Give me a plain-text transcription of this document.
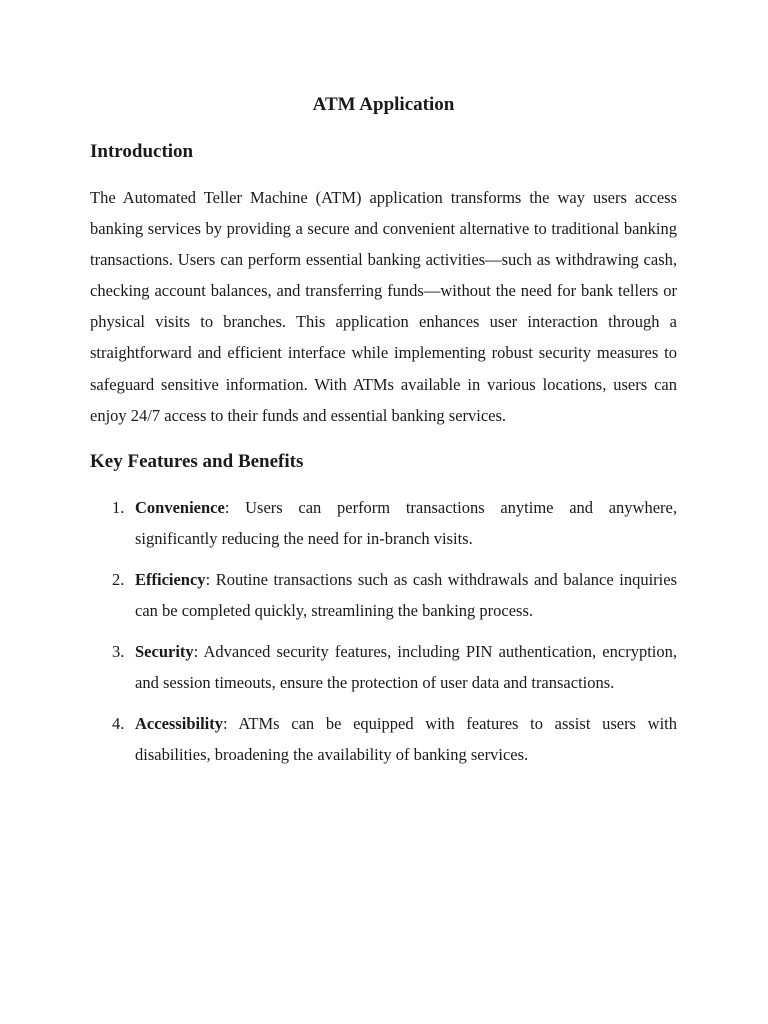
ATM Application
Introduction

The Automated Teller Machine (ATM) application transforms the way users access banking services by providing a secure and convenient alternative to traditional banking transactions. Users can perform essential banking activities—such as withdrawing cash, checking account balances, and transferring funds—without the need for bank tellers or physical visits to branches. This application enhances user interaction through a straightforward and efficient interface while implementing robust security measures to safeguard sensitive information. With ATMs available in various locations, users can enjoy 24/7 access to their funds and essential banking services.

Key Features and Benefits
1. Convenience: Users can perform transactions anytime and anywhere, significantly reducing the need for in-branch visits.
2. Efficiency: Routine transactions such as cash withdrawals and balance inquiries can be completed quickly, streamlining the banking process.
3. Security: Advanced security features, including PIN authentication, encryption, and session timeouts, ensure the protection of user data and transactions.
4. Accessibility: ATMs can be equipped with features to assist users with disabilities, broadening the availability of banking services.
